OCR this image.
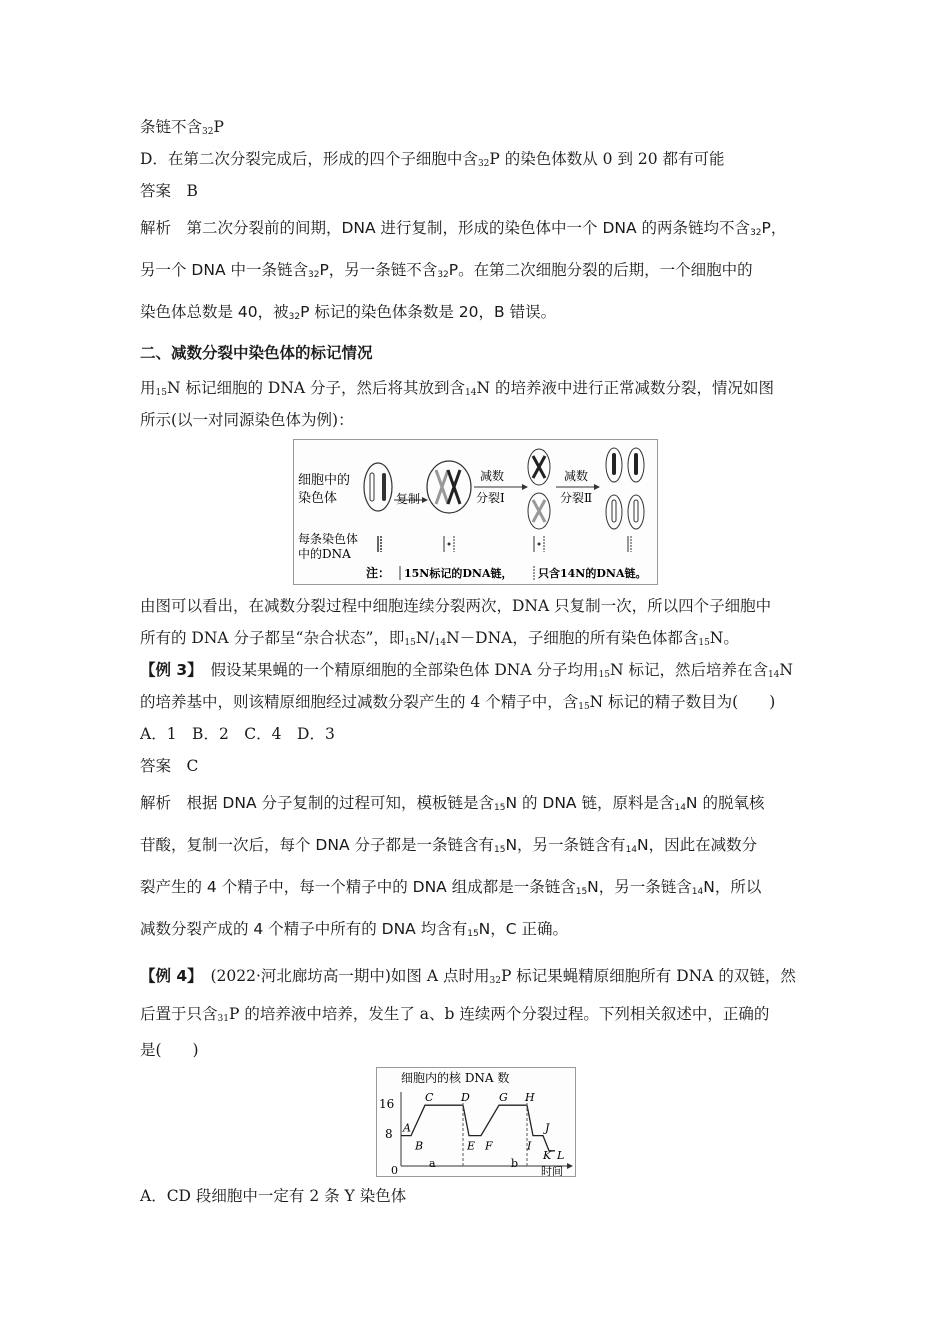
条链不含$_{32}$P
D．在第二次分裂完成后，形成的四个子细胞中含$_{32}$P 的染色体数从 0 到 20 都有可能
答案　B
解析　第二次分裂前的间期，DNA 进行复制，形成的染色体中一个 DNA 的两条链均不含$_{32}$P，
另一个 DNA 中一条链含$_{32}$P，另一条链不含$_{32}$P。在第二次细胞分裂的后期，一个细胞中的
染色体总数是 40，被$_{32}$P 标记的染色体条数是 20，B 错误。
二、减数分裂中染色体的标记情况
用$_{15}$N 标记细胞的 DNA 分子，然后将其放到含$_{14}$N 的培养液中进行正常减数分裂，情况如图
所示(以一对同源染色体为例)：
细胞中的
染色体	复制
减数
分裂Ⅰ
减数
分裂Ⅱ
每条染色体
中的DNA
注： 15N标记的DNA链， 只含14N的DNA链。
由图可以看出，在减数分裂过程中细胞连续分裂两次，DNA 只复制一次，所以四个子细胞中
所有的 DNA 分子都呈“杂合状态”，即$_{15}N/_{14}N-DNA$，子细胞的所有染色体都含$_{15}$N。
【例 3】　 假设某果蝇的一个精原细胞的全部染色体 DNA 分子均用$_{15}$N 标记，然后培养在含$_{14}$N
的培养基中，则该精原细胞经过减数分裂产生的 4 个精子中，含$_{15}$N 标记的精子数目为(　　)
A．1　B．2　C．4　D．3
答案　C
解析　根据 DNA 分子复制的过程可知，模板链是含$_{15}$N 的 DNA 链，原料是含$_{14}$N 的脱氧核
苷酸，复制一次后，每个 DNA 分子都是一条链含有$_{15}$N，另一条链含有$_{14}$N，因此在减数分
裂产生的 4 个精子中，每一个精子中的 DNA 组成都是一条链含$_{15}$N，另一条链含$_{14}$N，所以
减数分裂产成的 4 个精子中所有的 DNA 均含有$_{15}$N，C 正确。
【例 4】　 (2022·河北廊坊高一期中)如图 A 点时用$_{32}$P 标记果蝇精原细胞所有 DNA 的双链，然
后置于只含$_{31}$P 的培养液中培养，发生了 a、b 连续两个分裂过程。下列相关叙述中，正确的
是(　　)
细胞内的核 DNA 数
16
8
0	时间
a	b
A
B
C	D
E F
G H
I
J
K L
A．CD 段细胞中一定有 2 条 Y 染色体
